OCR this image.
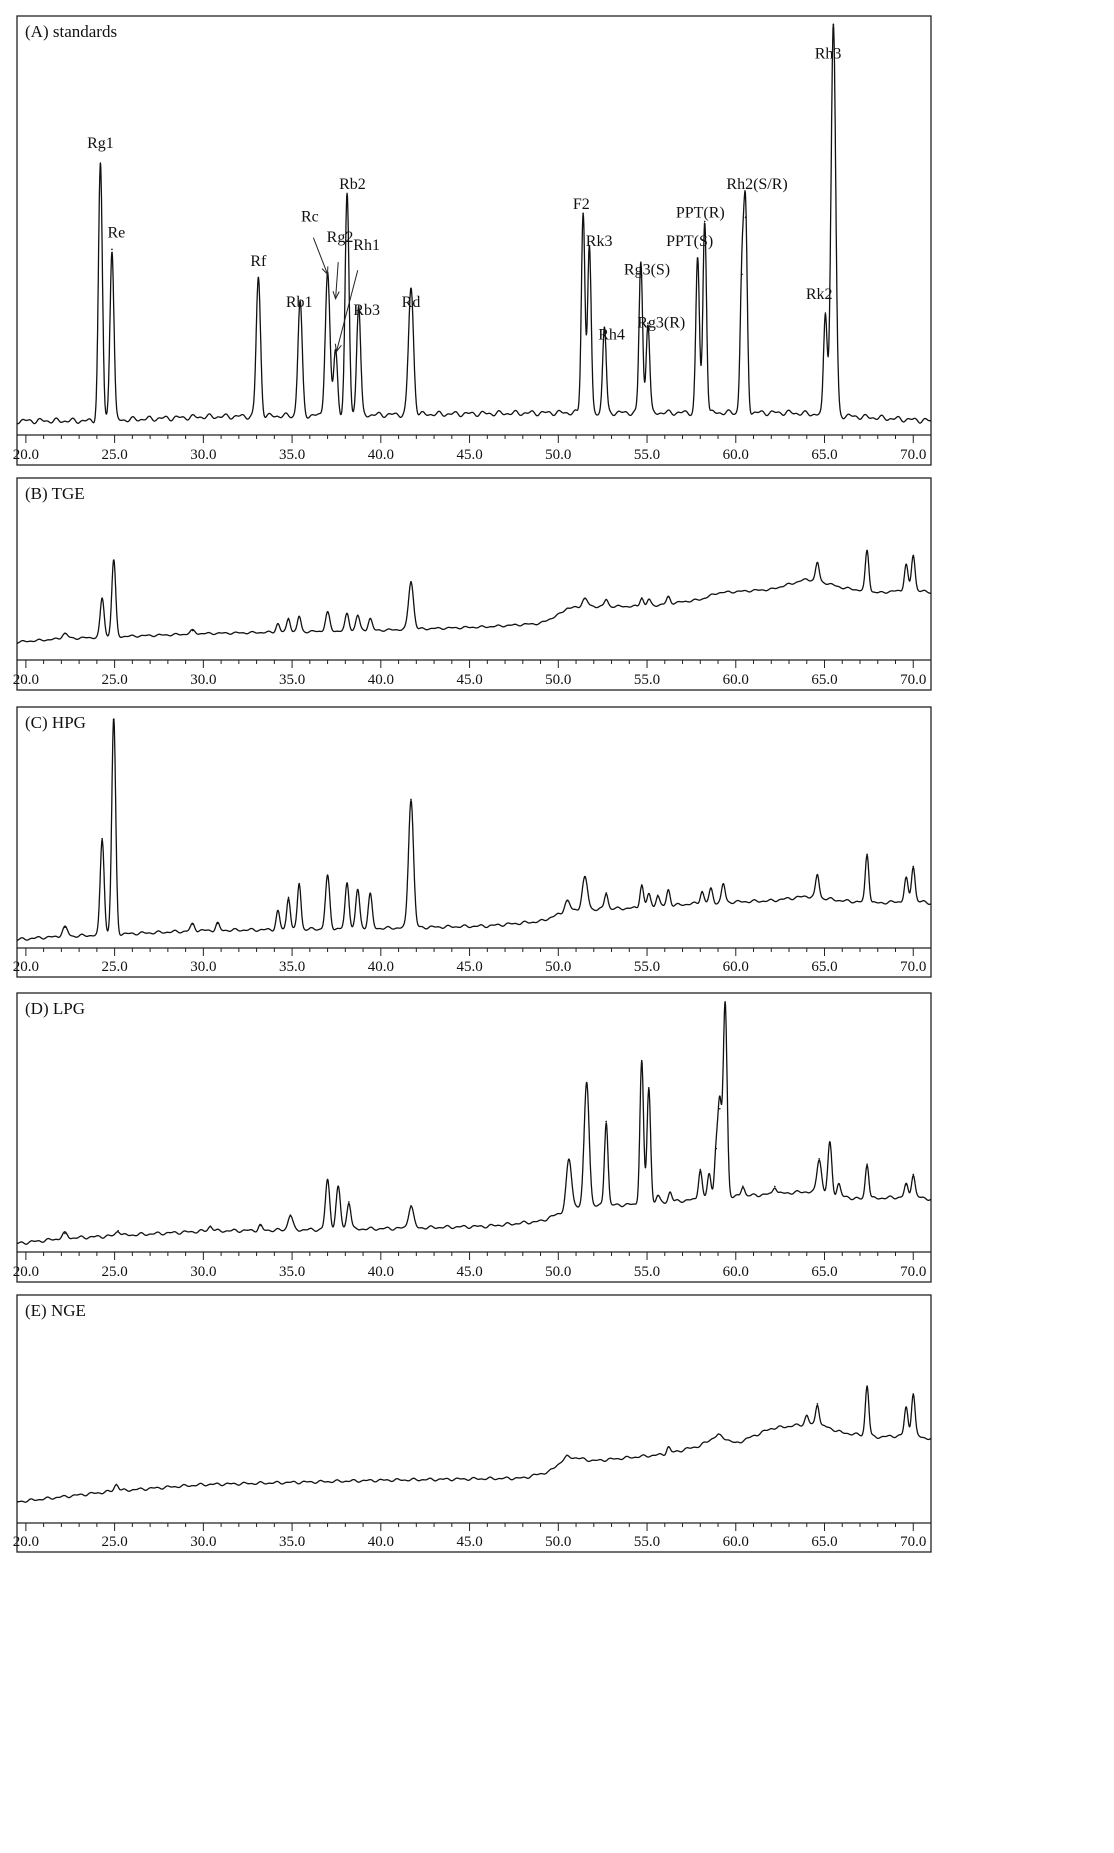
20.0	25.0	30.0	35.0	40.0	45.0	50.0	55.0	60.0	65.0	70.0
(A) standards
Rg1
Re
Rf
Rb1
Rc
Rg2
Rb2
Rh1
Rb3 Rd
F2
Rk3
Rh4
Rg3(S)
Rg3(R)
PPT(S)
PPT(R)
Rh2(S/R)
Rk2
Rh3
20.0	25.0	30.0	35.0	40.0	45.0	50.0	55.0	60.0	65.0	70.0
(B) TGE
20.0	25.0	30.0	35.0	40.0	45.0	50.0	55.0	60.0	65.0	70.0
(C) HPG
20.0	25.0	30.0	35.0	40.0	45.0	50.0	55.0	60.0	65.0	70.0
(D) LPG
20.0	25.0	30.0	35.0	40.0	45.0	50.0	55.0	60.0	65.0	70.0
(E) NGE
